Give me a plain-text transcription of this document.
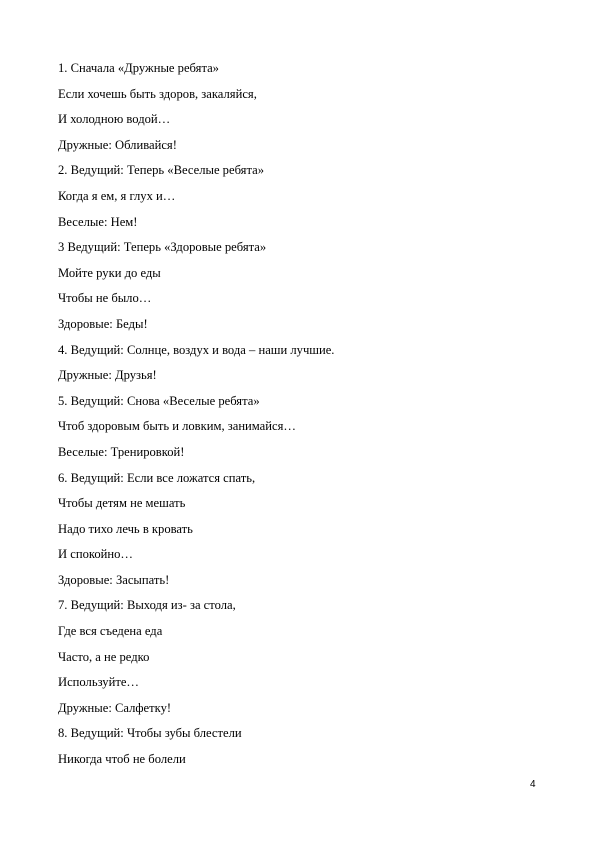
1. Сначала «Дружные ребята»

Если хочешь быть здоров, закаляйся,

И холодною водой…

Дружные: Обливайся!

2. Ведущий: Теперь «Веселые ребята»

Когда я ем, я глух и…

Веселые: Нем!

3 Ведущий: Теперь «Здоровые ребята»

Мойте руки до еды

Чтобы не было…

Здоровые: Беды!

4. Ведущий: Солнце, воздух и вода – наши лучшие.

Дружные: Друзья!

5. Ведущий: Снова «Веселые ребята»

Чтоб здоровым быть и ловким, занимайся…

Веселые: Тренировкой!

6. Ведущий: Если все ложатся спать,

Чтобы детям не мешать

Надо тихо лечь в кровать

И спокойно…

Здоровые: Засыпать!

7. Ведущий: Выходя из- за стола,

Где вся съедена еда

Часто, а не редко

Используйте…

Дружные: Салфетку!

8. Ведущий: Чтобы зубы блестели

Никогда чтоб не болели

4
